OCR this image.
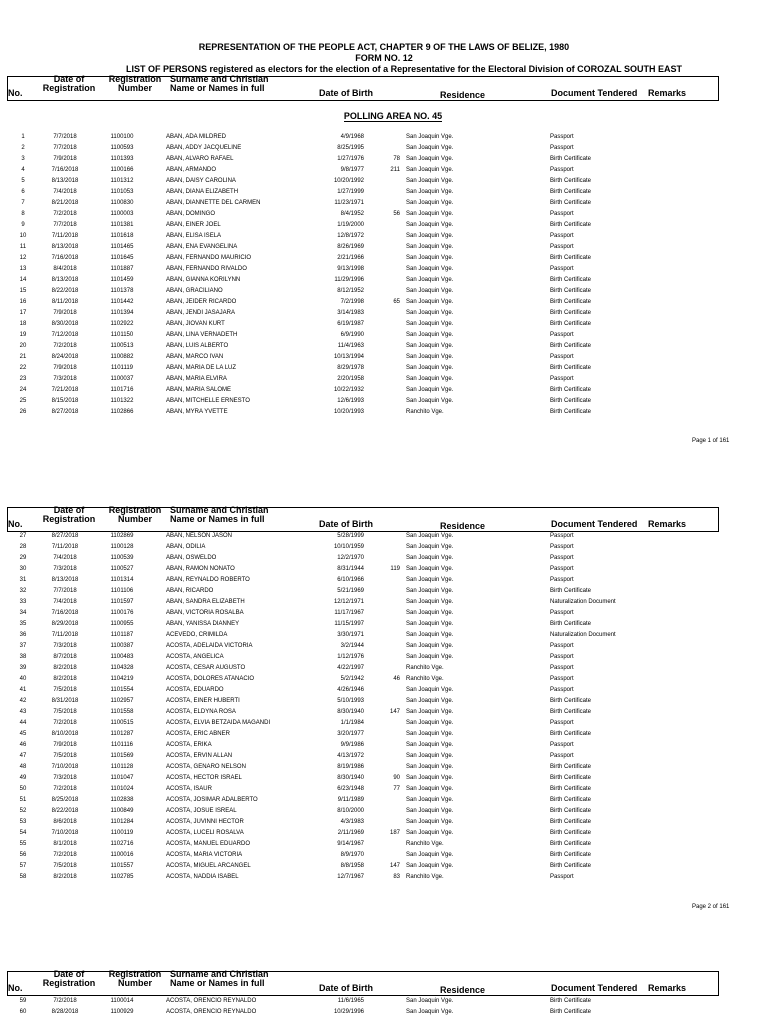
REPRESENTATION OF THE PEOPLE ACT, CHAPTER 9 OF THE LAWS OF BELIZE, 1980
FORM NO. 12
LIST OF PERSONS registered as electors for the election of a Representative for the Electoral Division of COROZAL SOUTH EAST
No.
Date of
Registration
Registration
Number
Surname and Christian
Name or Names in full	Date of Birth	Residence	Document Tendered Remarks
POLLING AREA NO. 45
1	7/7/2018	1100100	ABAN, ADA MILDRED	4/9/1968	San Joaquin Vge.	Passport
2	7/7/2018	1100593	ABAN, ADDY JACQUELINE	8/25/1995	San Joaquin Vge.	Passport
3	7/9/2018	1101393	ABAN, ALVARO RAFAEL	1/27/1976	78 San Joaquin Vge.	Birth Certificate
4	7/16/2018	1100166	ABAN, ARMANDO	9/8/1977	211 San Joaquin Vge.	Passport
5	8/13/2018	1101312	ABAN, DAISY CAROLINA	10/20/1992	San Joaquin Vge.	Birth Certificate
6	7/4/2018	1101053	ABAN, DIANA ELIZABETH	1/27/1999	San Joaquin Vge.	Birth Certificate
7	8/21/2018	1100830	ABAN, DIANNETTE DEL CARMEN	11/23/1971	San Joaquin Vge.	Birth Certificate
8	7/2/2018	1100003	ABAN, DOMINGO	8/4/1952	56 San Joaquin Vge.	Passport
9	7/7/2018	1101381	ABAN, EINER JOEL	1/19/2000	San Joaquin Vge.	Birth Certificate
10	7/11/2018	1101618	ABAN, ELISA ISELA	12/8/1972	San Joaquin Vge.	Passport
11	8/13/2018	1101465	ABAN, ENA EVANGELINA	8/26/1969	San Joaquin Vge.	Passport
12	7/16/2018	1101645	ABAN, FERNANDO MAURICIO	2/21/1966	San Joaquin Vge.	Birth Certificate
13	8/4/2018	1101887	ABAN, FERNANDO RIVALDO	9/13/1998	San Joaquin Vge.	Passport
14	8/13/2018	1101459	ABAN, GIANNA KORILYNN	11/29/1996	San Joaquin Vge.	Birth Certificate
15	8/22/2018	1101378	ABAN, GRACILIANO	8/12/1952	San Joaquin Vge.	Birth Certificate
16	8/11/2018	1101442	ABAN, JEIDER RICARDO	7/2/1998	65 San Joaquin Vge.	Birth Certificate
17	7/9/2018	1101394	ABAN, JENDI JASAJARA	3/14/1983	San Joaquin Vge.	Birth Certificate
18	8/30/2018	1102922	ABAN, JIOVAN KURT	6/19/1987	San Joaquin Vge.	Birth Certificate
19	7/12/2018	1101150	ABAN, LINA VERNADETH	6/9/1990	San Joaquin Vge.	Passport
20	7/2/2018	1100513	ABAN, LUIS ALBERTO	11/4/1963	San Joaquin Vge.	Birth Certificate
21	8/24/2018	1100882	ABAN, MARCO IVAN	10/13/1994	San Joaquin Vge.	Passport
22	7/9/2018	1101119	ABAN, MARIA DE LA LUZ	8/29/1978	San Joaquin Vge.	Birth Certificate
23	7/3/2018	1100037	ABAN, MARIA ELVIRA	2/20/1958	San Joaquin Vge.	Passport
24	7/21/2018	1101716	ABAN, MARIA SALOME	10/22/1932	San Joaquin Vge.	Birth Certificate
25	8/15/2018	1101322	ABAN, MITCHELLE ERNESTO	12/6/1993	San Joaquin Vge.	Birth Certificate
26	8/27/2018	1102866	ABAN, MYRA YVETTE	10/20/1993	Ranchito Vge.	Birth Certificate
Page 1 of 161
No.
Date of
Registration
Registration
Number
Surname and Christian
Name or Names in full	Date of Birth	Residence	Document Tendered Remarks
27	8/27/2018	1102869	ABAN, NELSON JASON	5/28/1999	San Joaquin Vge.	Passport
28	7/11/2018	1100128	ABAN, ODILIA	10/10/1959	San Joaquin Vge.	Passport
29	7/4/2018	1100539	ABAN, OSWELDO	12/2/1970	San Joaquin Vge.	Passport
30	7/3/2018	1100527	ABAN, RAMON NONATO	8/31/1944	119 San Joaquin Vge.	Passport
31	8/13/2018	1101314	ABAN, REYNALDO ROBERTO	6/10/1966	San Joaquin Vge.	Passport
32	7/7/2018	1101106	ABAN, RICARDO	5/21/1969	San Joaquin Vge.	Birth Certificate
33	7/4/2018	1101597	ABAN, SANDRA ELIZABETH	12/12/1971	San Joaquin Vge.	Naturalization Document
34	7/16/2018	1100176	ABAN, VICTORIA ROSALBA	11/17/1967	San Joaquin Vge.	Passport
35	8/29/2018	1100955	ABAN, YANISSA DIANNEY	11/15/1997	San Joaquin Vge.	Birth Certificate
36	7/11/2018	1101187	ACEVEDO, CRIMILDA	3/30/1971	San Joaquin Vge.	Naturalization Document
37	7/3/2018	1100387	ACOSTA, ADELAIDA VICTORIA	3/2/1944	San Joaquin Vge.	Passport
38	8/7/2018	1100483	ACOSTA, ANGELICA	1/12/1976	San Joaquin Vge.	Passport
39	8/2/2018	1104328	ACOSTA, CESAR AUGUSTO	4/22/1997	Ranchito Vge.	Passport
40	8/2/2018	1104219	ACOSTA, DOLORES ATANACIO	5/2/1942	46 Ranchito Vge.	Passport
41	7/5/2018	1101554	ACOSTA, EDUARDO	4/26/1946	San Joaquin Vge.	Passport
42	8/31/2018	1102957	ACOSTA, EINER HUBERTI	5/10/1993	San Joaquin Vge.	Birth Certificate
43	7/5/2018	1101558	ACOSTA, ELDYNA ROSA	8/30/1940	147 San Joaquin Vge.	Birth Certificate
44	7/2/2018	1100515	ACOSTA, ELVIA BETZAIDA MAGANDI	1/1/1984	San Joaquin Vge.	Passport
45	8/10/2018	1101287	ACOSTA, ERIC ABNER	3/20/1977	San Joaquin Vge.	Birth Certificate
46	7/9/2018	1101116	ACOSTA, ERIKA	9/9/1986	San Joaquin Vge.	Passport
47	7/5/2018	1101569	ACOSTA, ERVIN ALLAN	4/13/1972	San Joaquin Vge.	Passport
48	7/10/2018	1101128	ACOSTA, GENARO NELSON	8/19/1986	San Joaquin Vge.	Birth Certificate
49	7/3/2018	1101047	ACOSTA, HECTOR ISRAEL	8/30/1940	90 San Joaquin Vge.	Birth Certificate
50	7/2/2018	1101024	ACOSTA, ISAUR	6/23/1948	77 San Joaquin Vge.	Birth Certificate
51	8/25/2018	1102838	ACOSTA, JOSIMAR ADALBERTO	9/11/1989	San Joaquin Vge.	Birth Certificate
52	8/22/2018	1100849	ACOSTA, JOSUE ISREAL	8/10/2000	San Joaquin Vge.	Birth Certificate
53	8/6/2018	1101284	ACOSTA, JUVINNI HECTOR	4/3/1983	San Joaquin Vge.	Birth Certificate
54	7/10/2018	1100119	ACOSTA, LUCELI ROSALVA	2/11/1969	187 San Joaquin Vge.	Birth Certificate
55	8/1/2018	1102716	ACOSTA, MANUEL EDUARDO	9/14/1967	Ranchito Vge.	Birth Certificate
56	7/2/2018	1100016	ACOSTA, MARIA VICTORIA	8/9/1970	San Joaquin Vge.	Birth Certificate
57	7/5/2018	1101557	ACOSTA, MIGUEL ARCANGEL	8/8/1958	147 San Joaquin Vge.	Birth Certificate
58	8/2/2018	1102785	ACOSTA, NADDIA ISABEL	12/7/1967	83 Ranchito Vge.	Passport
Page 2 of 161
No.
Date of
Registration
Registration
Number
Surname and Christian
Name or Names in full	Date of Birth	Residence	Document Tendered Remarks
59	7/2/2018	1100014	ACOSTA, ORENCIO REYNALDO	11/6/1965	San Joaquin Vge.	Birth Certificate
60	8/28/2018	1100929	ACOSTA, ORENCIO REYNALDO	10/29/1996	San Joaquin Vge.	Birth Certificate
